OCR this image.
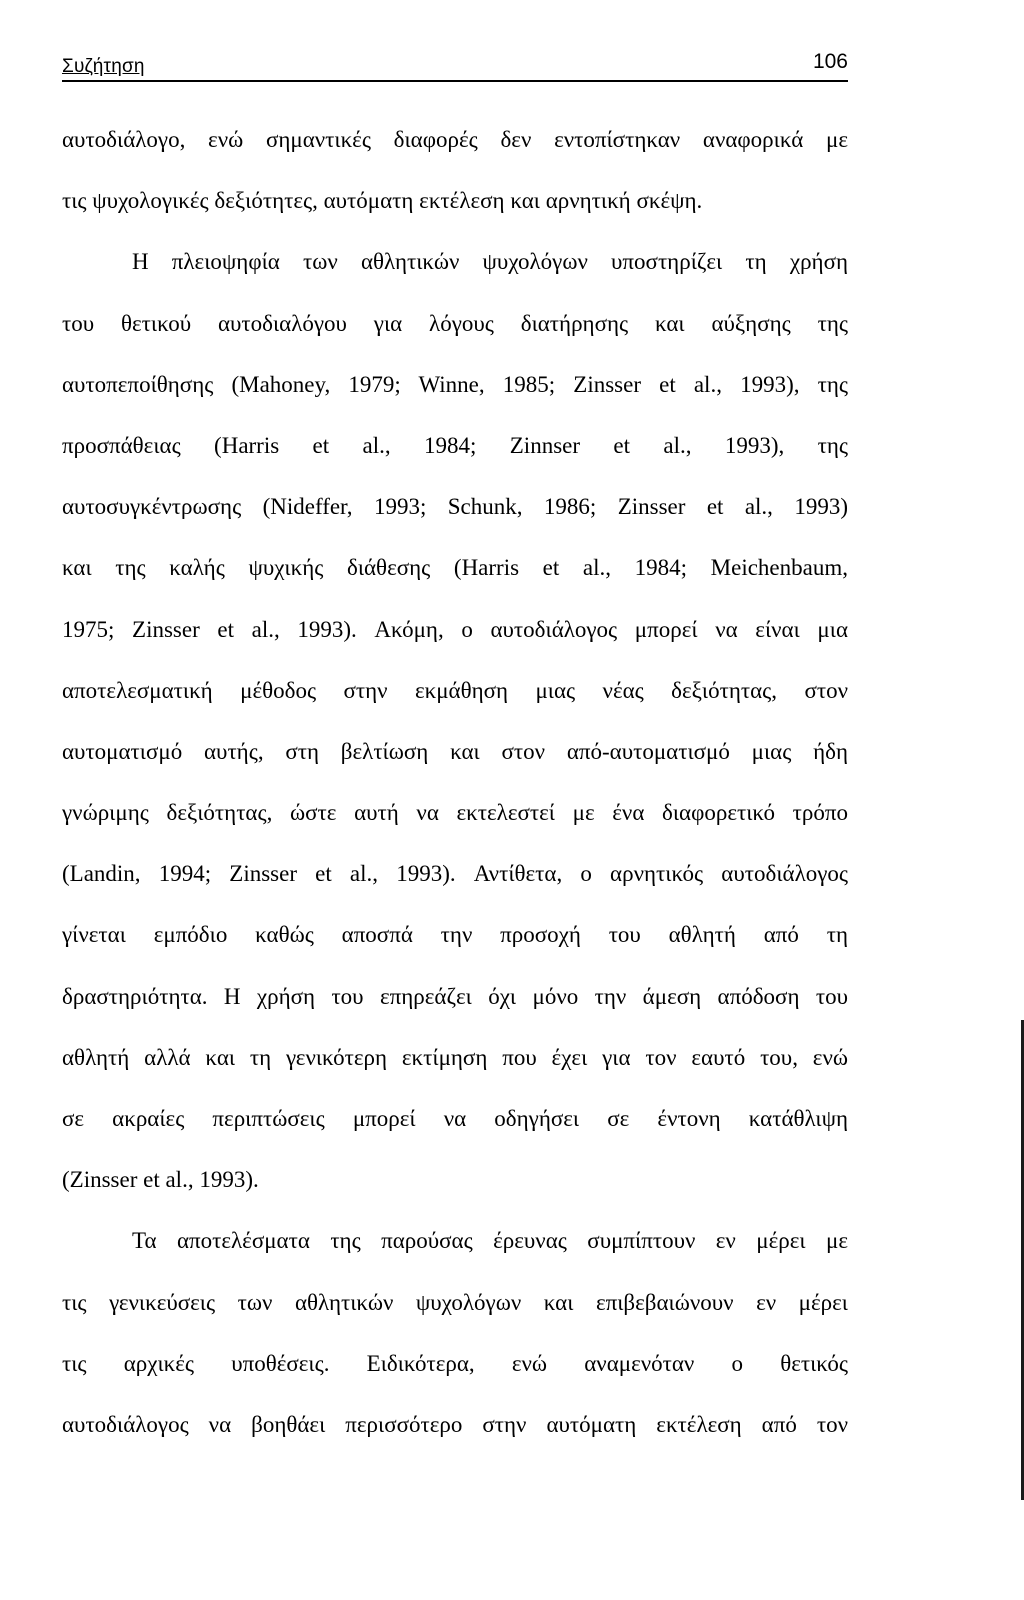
Συζήτηση	106
αυτοδιάλογο, ενώ σημαντικές διαφορές δεν εντοπίστηκαν αναφορικά με
τις ψυχολογικές δεξιότητες, αυτόματη εκτέλεση και αρνητική σκέψη.
Η πλειοψηφία των αθλητικών ψυχολόγων υποστηρίζει τη χρήση
του θετικού αυτοδιαλόγου για λόγους διατήρησης και αύξησης της
αυτοπεποίθησης (Mahoney, 1979; Winne, 1985; Zinsser et al., 1993), της
προσπάθειας (Harris et al., 1984; Zinnser et al., 1993), της
αυτοσυγκέντρωσης (Nideffer, 1993; Schunk, 1986; Zinsser et al., 1993)
και της καλής ψυχικής διάθεσης (Harris et al., 1984; Meichenbaum,
1975; Zinsser et al., 1993). Ακόμη, ο αυτοδιάλογος μπορεί να είναι μια
αποτελεσματική μέθοδος στην εκμάθηση μιας νέας δεξιότητας, στον
αυτοματισμό αυτής, στη βελτίωση και στον από-αυτοματισμό μιας ήδη
γνώριμης δεξιότητας, ώστε αυτή να εκτελεστεί με ένα διαφορετικό τρόπο
(Landin, 1994; Zinsser et al., 1993). Αντίθετα, ο αρνητικός αυτοδιάλογος
γίνεται εμπόδιο καθώς αποσπά την προσοχή του αθλητή από τη
δραστηριότητα. Η χρήση του επηρεάζει όχι μόνο την άμεση απόδοση του
αθλητή αλλά και τη γενικότερη εκτίμηση που έχει για τον εαυτό του, ενώ
σε ακραίες περιπτώσεις μπορεί να οδηγήσει σε έντονη κατάθλιψη
(Zinsser et al., 1993).
Τα αποτελέσματα της παρούσας έρευνας συμπίπτουν εν μέρει με
τις γενικεύσεις των αθλητικών ψυχολόγων και επιβεβαιώνουν εν μέρει
τις αρχικές υποθέσεις. Ειδικότερα, ενώ αναμενόταν ο θετικός
αυτοδιάλογος να βοηθάει περισσότερο στην αυτόματη εκτέλεση από τον
